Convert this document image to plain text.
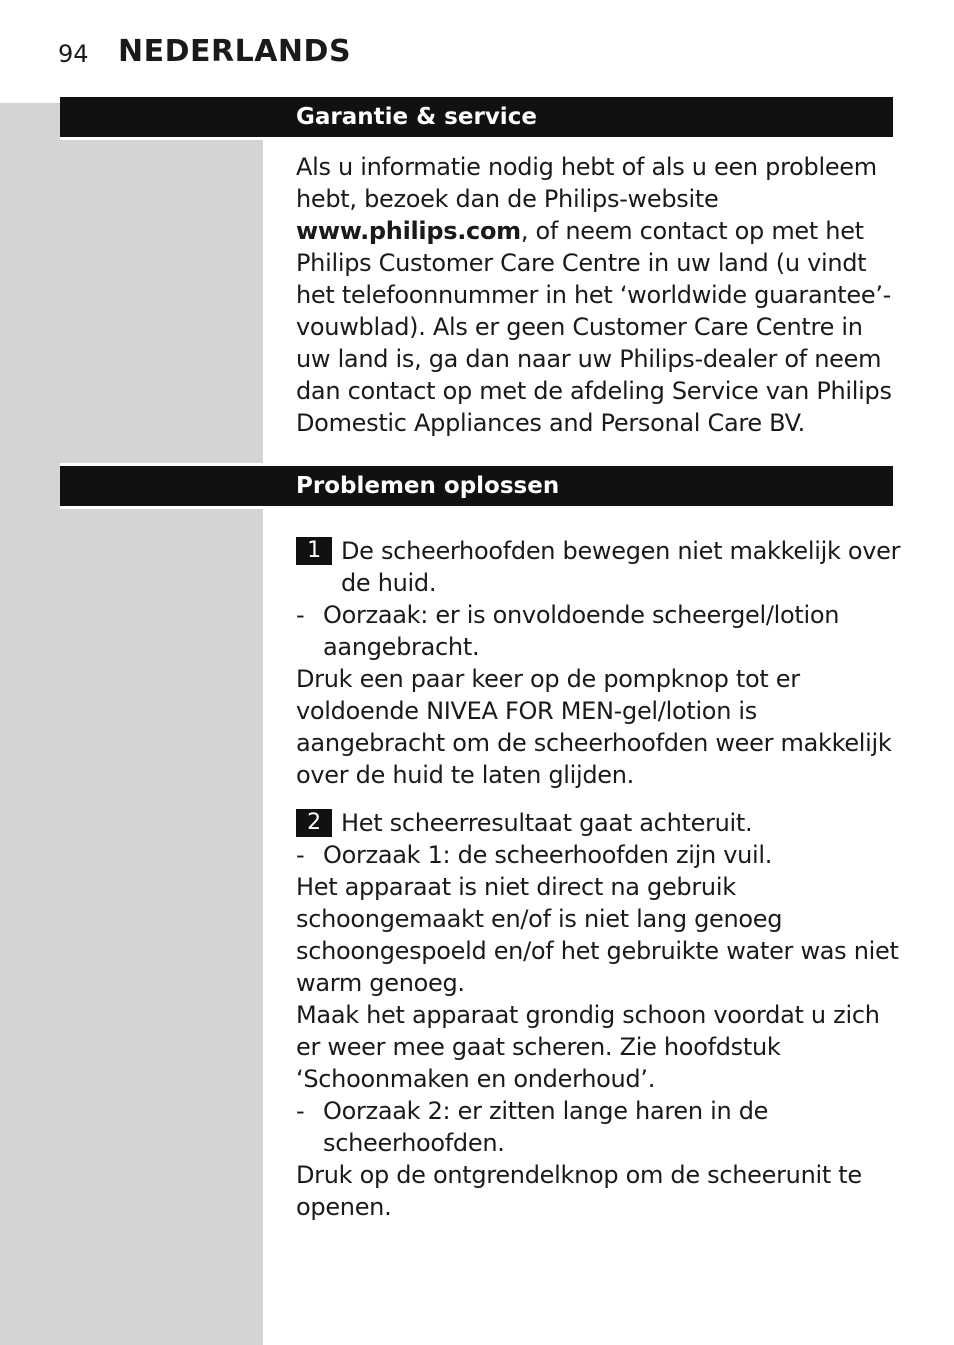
94 NEDERLANDS
Garantie & service

Als u informatie nodig hebt of als u een probleem hebt, bezoek dan de Philips-website www.philips.com, of neem contact op met het Philips Customer Care Centre in uw land (u vindt het telefoonnummer in het ‘worldwide guarantee’-vouwblad). Als er geen Customer Care Centre in uw land is, ga dan naar uw Philips-dealer of neem dan contact op met de afdeling Service van Philips Domestic Appliances and Personal Care BV.

Problemen oplossen
1 De scheerhoofden bewegen niet makkelijk over de huid.
- Oorzaak: er is onvoldoende scheergel/lotion aangebracht.

Druk een paar keer op de pompknop tot er voldoende NIVEA FOR MEN-gel/lotion is aangebracht om de scheerhoofden weer makkelijk over de huid te laten glijden.

2 Het scheerresultaat gaat achteruit.
- Oorzaak 1: de scheerhoofden zijn vuil.

Het apparaat is niet direct na gebruik schoongemaakt en/of is niet lang genoeg schoongespoeld en/of het gebruikte water was niet warm genoeg.

Maak het apparaat grondig schoon voordat u zich er weer mee gaat scheren. Zie hoofdstuk ‘Schoonmaken en onderhoud’.

- Oorzaak 2: er zitten lange haren in de scheerhoofden.

Druk op de ontgrendelknop om de scheerunit te openen.
